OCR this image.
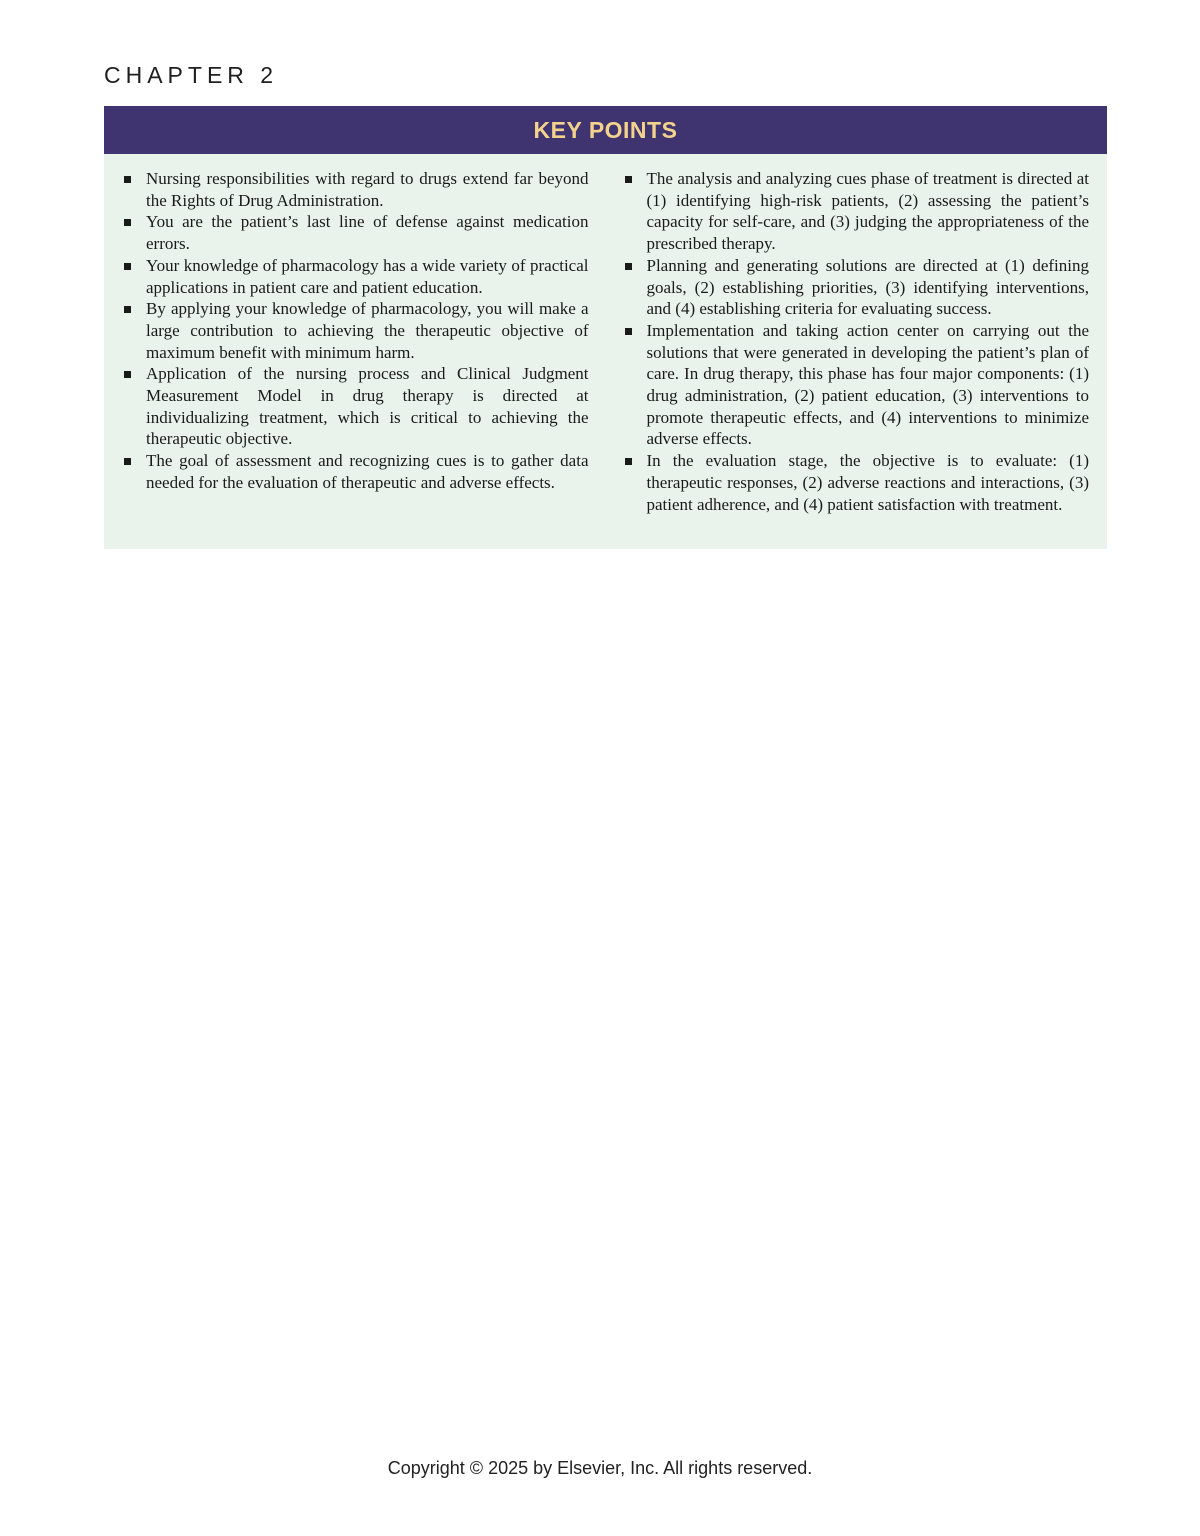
CHAPTER 2
KEY POINTS
Nursing responsibilities with regard to drugs extend far beyond the Rights of Drug Administration.
You are the patient’s last line of defense against medication errors.
Your knowledge of pharmacology has a wide variety of practical applications in patient care and patient education.
By applying your knowledge of pharmacology, you will make a large contribution to achieving the therapeutic objective of maximum benefit with minimum harm.
Application of the nursing process and Clinical Judgment Measurement Model in drug therapy is directed at individualizing treatment, which is critical to achieving the therapeutic objective.
The goal of assessment and recognizing cues is to gather data needed for the evaluation of therapeutic and adverse effects.
The analysis and analyzing cues phase of treatment is directed at (1) identifying high-risk patients, (2) assessing the patient’s capacity for self-care, and (3) judging the appropriateness of the prescribed therapy.
Planning and generating solutions are directed at (1) defining goals, (2) establishing priorities, (3) identifying interventions, and (4) establishing criteria for evaluating success.
Implementation and taking action center on carrying out the solutions that were generated in developing the patient’s plan of care. In drug therapy, this phase has four major components: (1) drug administration, (2) patient education, (3) interventions to promote therapeutic effects, and (4) interventions to minimize adverse effects.
In the evaluation stage, the objective is to evaluate: (1) therapeutic responses, (2) adverse reactions and interactions, (3) patient adherence, and (4) patient satisfaction with treatment.
Copyright © 2025 by Elsevier, Inc. All rights reserved.
